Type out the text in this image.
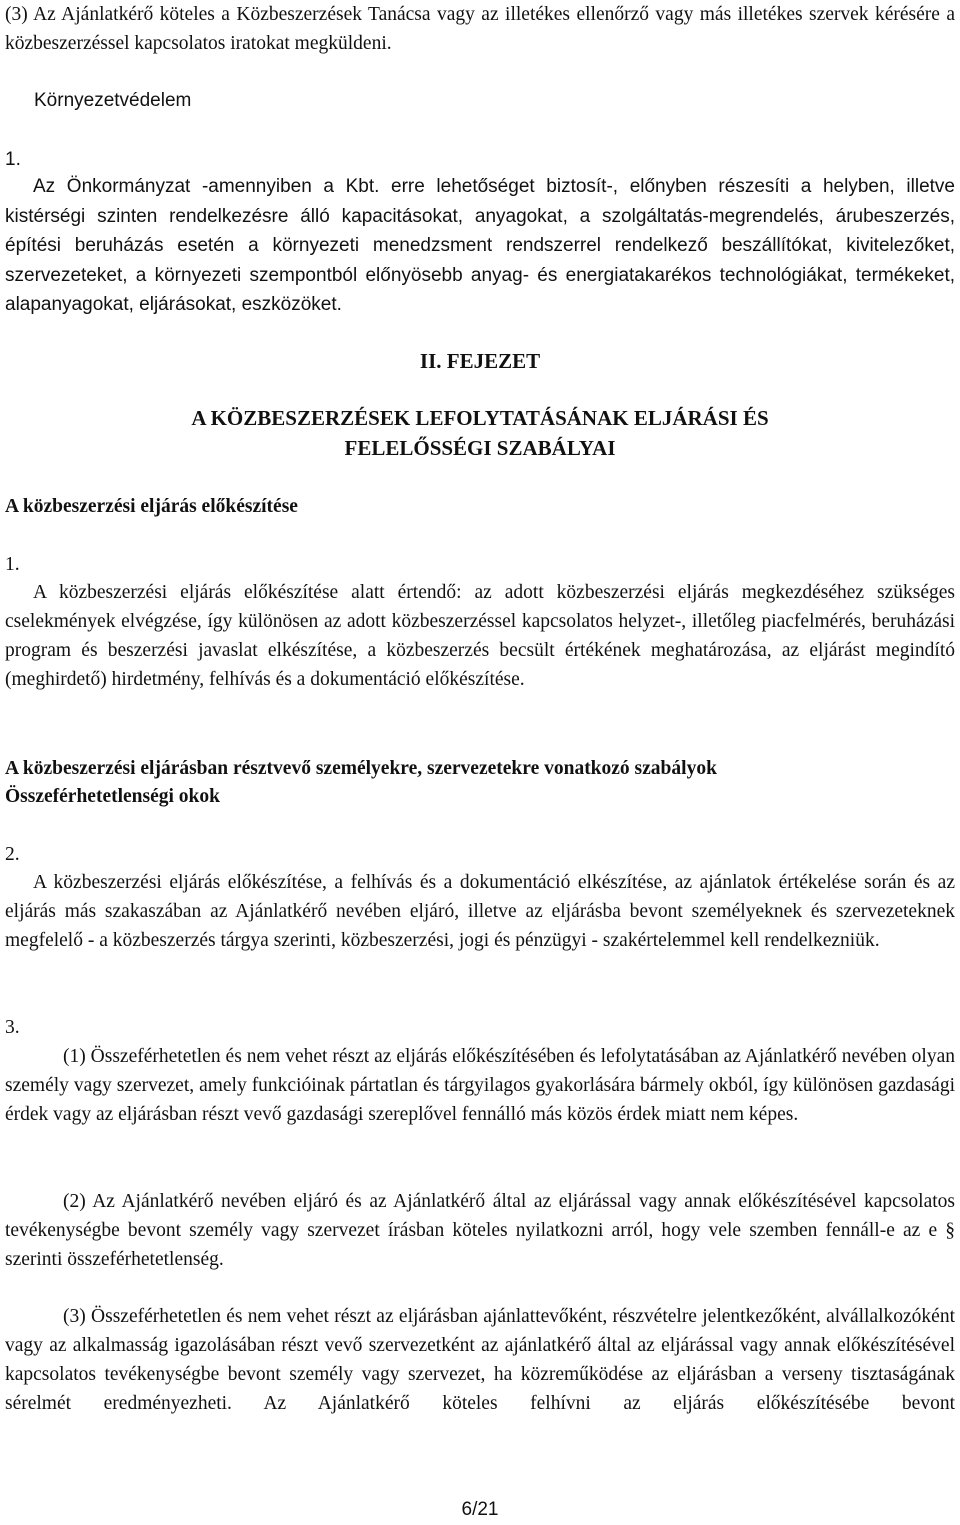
(3) Az Ajánlatkérő köteles a Közbeszerzések Tanácsa vagy az illetékes ellenőrző vagy más illetékes szervek kérésére a közbeszerzéssel kapcsolatos iratokat megküldeni.

Környezetvédelem
1.

Az Önkormányzat -amennyiben a Kbt. erre lehetőséget biztosít-, előnyben részesíti a helyben, illetve kistérségi szinten rendelkezésre álló kapacitásokat, anyagokat, a szolgáltatás-megrendelés, árubeszerzés, építési beruházás esetén a környezeti menedzsment rendszerrel rendelkező beszállítókat, kivitelezőket, szervezeteket, a környezeti szempontból előnyösebb anyag- és energiatakarékos technológiákat, termékeket, alapanyagokat, eljárásokat, eszközöket.

II. FEJEZET
A KÖZBESZERZÉSEK LEFOLYTATÁSÁNAK ELJÁRÁSI ÉS
FELELŐSSÉGI SZABÁLYAI
A közbeszerzési eljárás előkészítése
1.

A közbeszerzési eljárás előkészítése alatt értendő: az adott közbeszerzési eljárás megkezdéséhez szükséges cselekmények elvégzése, így különösen az adott közbeszerzéssel kapcsolatos helyzet-, illetőleg piacfelmérés, beruházási program és beszerzési javaslat elkészítése, a közbeszerzés becsült értékének meghatározása, az eljárást megindító (meghirdető) hirdetmény, felhívás és a dokumentáció előkészítése.

A közbeszerzési eljárásban résztvevő személyekre, szervezetekre vonatkozó szabályok
Összeférhetetlenségi okok
2.

A közbeszerzési eljárás előkészítése, a felhívás és a dokumentáció elkészítése, az ajánlatok értékelése során és az eljárás más szakaszában az Ajánlatkérő nevében eljáró, illetve az eljárásba bevont személyeknek és szervezeteknek megfelelő - a közbeszerzés tárgya szerinti, közbeszerzési, jogi és pénzügyi - szakértelemmel kell rendelkezniük.

3.

(1) Összeférhetetlen és nem vehet részt az eljárás előkészítésében és lefolytatásában az Ajánlatkérő nevében olyan személy vagy szervezet, amely funkcióinak pártatlan és tárgyilagos gyakorlására bármely okból, így különösen gazdasági érdek vagy az eljárásban részt vevő gazdasági szereplővel fennálló más közös érdek miatt nem képes.

(2) Az Ajánlatkérő nevében eljáró és az Ajánlatkérő által az eljárással vagy annak előkészítésével kapcsolatos tevékenységbe bevont személy vagy szervezet írásban köteles nyilatkozni arról, hogy vele szemben fennáll-e az e § szerinti összeférhetetlenség.

(3) Összeférhetetlen és nem vehet részt az eljárásban ajánlattevőként, részvételre jelentkezőként, alvállalkozóként vagy az alkalmasság igazolásában részt vevő szervezetként az ajánlatkérő által az eljárással vagy annak előkészítésével kapcsolatos tevékenységbe bevont személy vagy szervezet, ha közreműködése az eljárásban a verseny tisztaságának sérelmét eredményezheti. Az Ajánlatkérő köteles felhívni az eljárás előkészítésébe bevont

6/21
